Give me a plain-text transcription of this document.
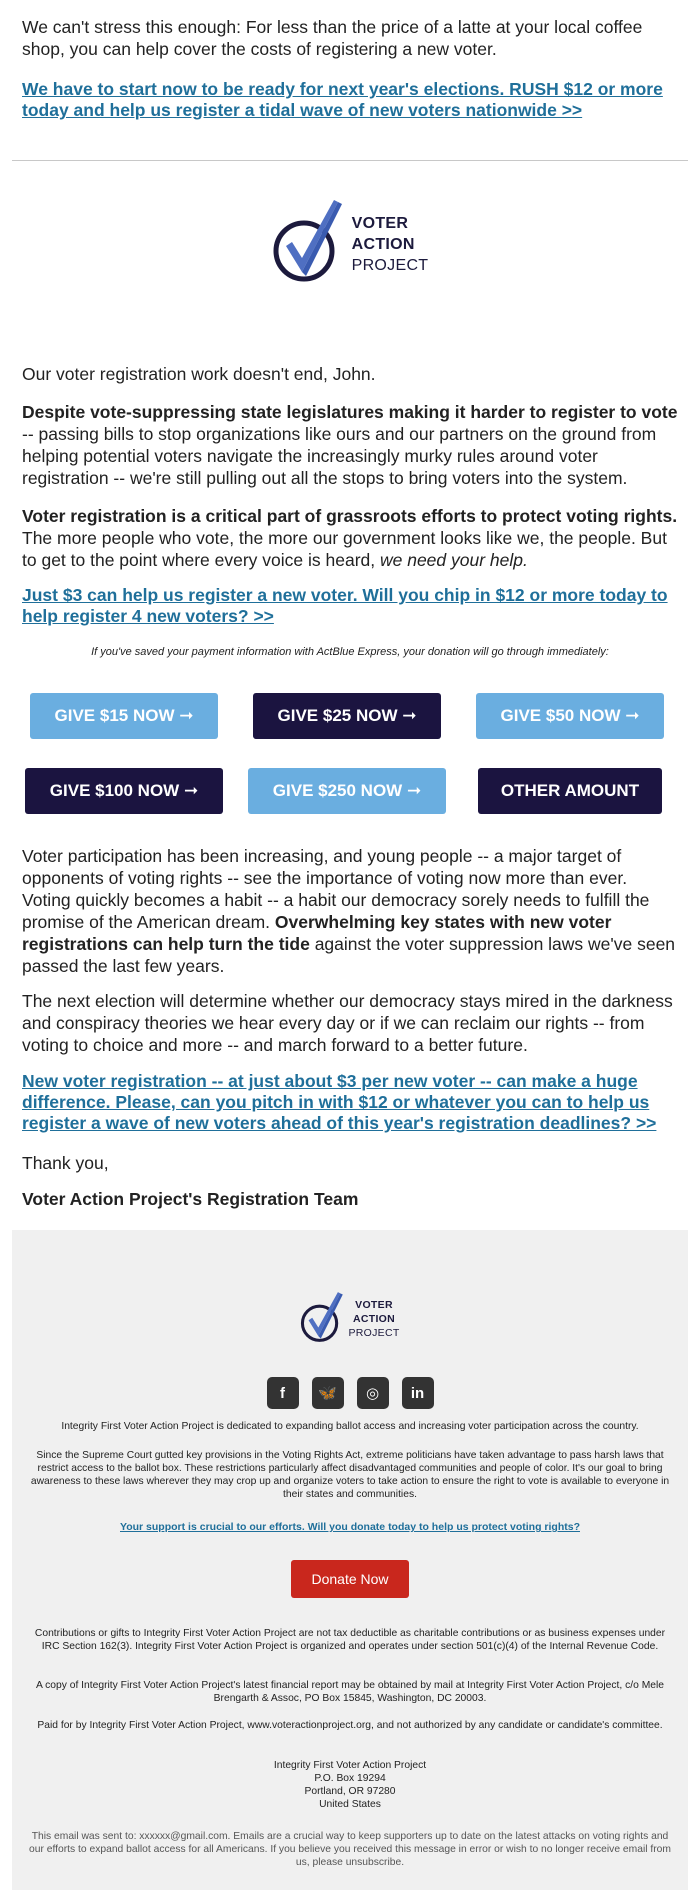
We can't stress this enough: For less than the price of a latte at your local coffee shop, you can help cover the costs of registering a new voter.

We have to start now to be ready for next year's elections. RUSH $12 or more today and help us register a tidal wave of new voters nationwide >>
VOTER
ACTION
PROJECT

Our voter registration work doesn't end, John.

Despite vote-suppressing state legislatures making it harder to register to vote -- passing bills to stop organizations like ours and our partners on the ground from helping potential voters navigate the increasingly murky rules around voter registration -- we're still pulling out all the stops to bring voters into the system.

Voter registration is a critical part of grassroots efforts to protect voting rights. The more people who vote, the more our government looks like we, the people. But to get to the point where every voice is heard, we need your help.

Just $3 can help us register a new voter. Will you chip in $12 or more today to help register 4 new voters? >>

If you've saved your payment information with ActBlue Express, your donation will go through immediately:

GIVE $15 NOW ➞	GIVE $25 NOW ➞	GIVE $50 NOW ➞
GIVE $100 NOW ➞	GIVE $250 NOW ➞	OTHER AMOUNT

Voter participation has been increasing, and young people -- a major target of opponents of voting rights -- see the importance of voting now more than ever. Voting quickly becomes a habit -- a habit our democracy sorely needs to fulfill the promise of the American dream. Overwhelming key states with new voter registrations can help turn the tide against the voter suppression laws we've seen passed the last few years.

The next election will determine whether our democracy stays mired in the darkness and conspiracy theories we hear every day or if we can reclaim our rights -- from voting to choice and more -- and march forward to a better future.

New voter registration -- at just about $3 per new voter -- can make a huge difference. Please, can you pitch in with $12 or whatever you can to help us register a wave of new voters ahead of this year's registration deadlines? >>

Thank you,

Voter Action Project's Registration Team

VOTER
ACTION
PROJECT
f	🦋	◎	in

Integrity First Voter Action Project is dedicated to expanding ballot access and increasing voter participation across the country.

Since the Supreme Court gutted key provisions in the Voting Rights Act, extreme politicians have taken advantage to pass harsh laws that restrict access to the ballot box. These restrictions particularly affect disadvantaged communities and people of color. It's our goal to bring awareness to these laws wherever they may crop up and organize voters to take action to ensure the right to vote is available to everyone in their states and communities.

Your support is crucial to our efforts. Will you donate today to help us protect voting rights?
Donate Now

Contributions or gifts to Integrity First Voter Action Project are not tax deductible as charitable contributions or as business expenses under IRC Section 162(3). Integrity First Voter Action Project is organized and operates under section 501(c)(4) of the Internal Revenue Code.

A copy of Integrity First Voter Action Project's latest financial report may be obtained by mail at Integrity First Voter Action Project, c/o Mele Brengarth & Assoc, PO Box 15845, Washington, DC 20003.

Paid for by Integrity First Voter Action Project, www.voteractionproject.org, and not authorized by any candidate or candidate's committee.

Integrity First Voter Action Project

P.O. Box 19294

Portland, OR 97280

United States

This email was sent to: xxxxxx@gmail.com. Emails are a crucial way to keep supporters up to date on the latest attacks on voting rights and our efforts to expand ballot access for all Americans. If you believe you received this message in error or wish to no longer receive email from us, please unsubscribe.
